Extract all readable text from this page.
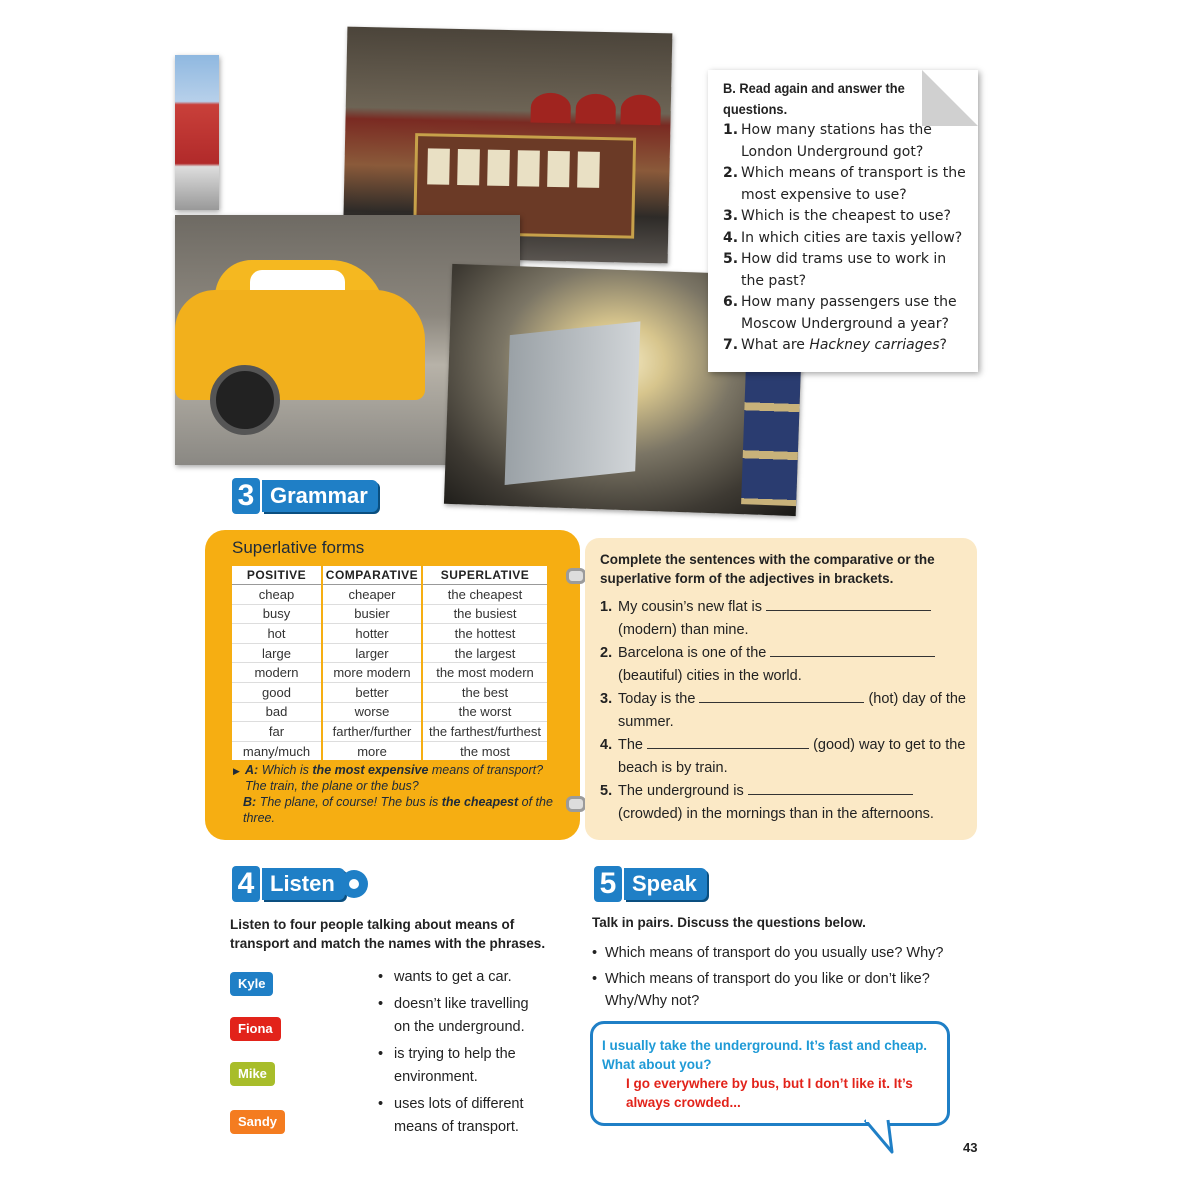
B. Read again and answer the questions.
1. How many stations has the London Underground got?
2. Which means of transport is the most expensive to use?
3. Which is the cheapest to use?
4. In which cities are taxis yellow?
5. How did trams use to work in the past?
6. How many passengers use the Moscow Underground a year?
7. What are Hackney carriages?
3 Grammar
Superlative forms
POSITIVE	COMPARATIVE	SUPERLATIVE
cheap	cheaper	the cheapest
busy	busier	the busiest
hot	hotter	the hottest
large	larger	the largest
modern	more modern	the most modern
good	better	the best
bad	worse	the worst
far	farther/further	the farthest/furthest
many/much	more	the most
▶ A: Which is the most expensive means of transport? The train, the plane or the bus?
B: The plane, of course! The bus is the cheapest of the three.
Complete the sentences with the comparative or the superlative form of the adjectives in brackets.
1. My cousin’s new flat is
(modern) than mine.
2. Barcelona is one of the
(beautiful) cities in the world.
3. Today is the	(hot) day of the summer.
4. The	(good) way to get to the beach is by train.
5. The underground is
(crowded) in the mornings than in the afternoons.
4 Listen
Listen to four people talking about means of transport and match the names with the phrases.
Kyle
Fiona
Mike
Sandy
• wants to get a car.
• doesn’t like travelling on the underground.
• is trying to help the environment.
• uses lots of different means of transport.
5 Speak
Talk in pairs. Discuss the questions below.
• Which means of transport do you usually use? Why?
• Which means of transport do you like or don’t like? Why/Why not?
I usually take the underground. It’s fast and cheap. What about you?
I go everywhere by bus, but I don’t like it. It’s always crowded...
43
